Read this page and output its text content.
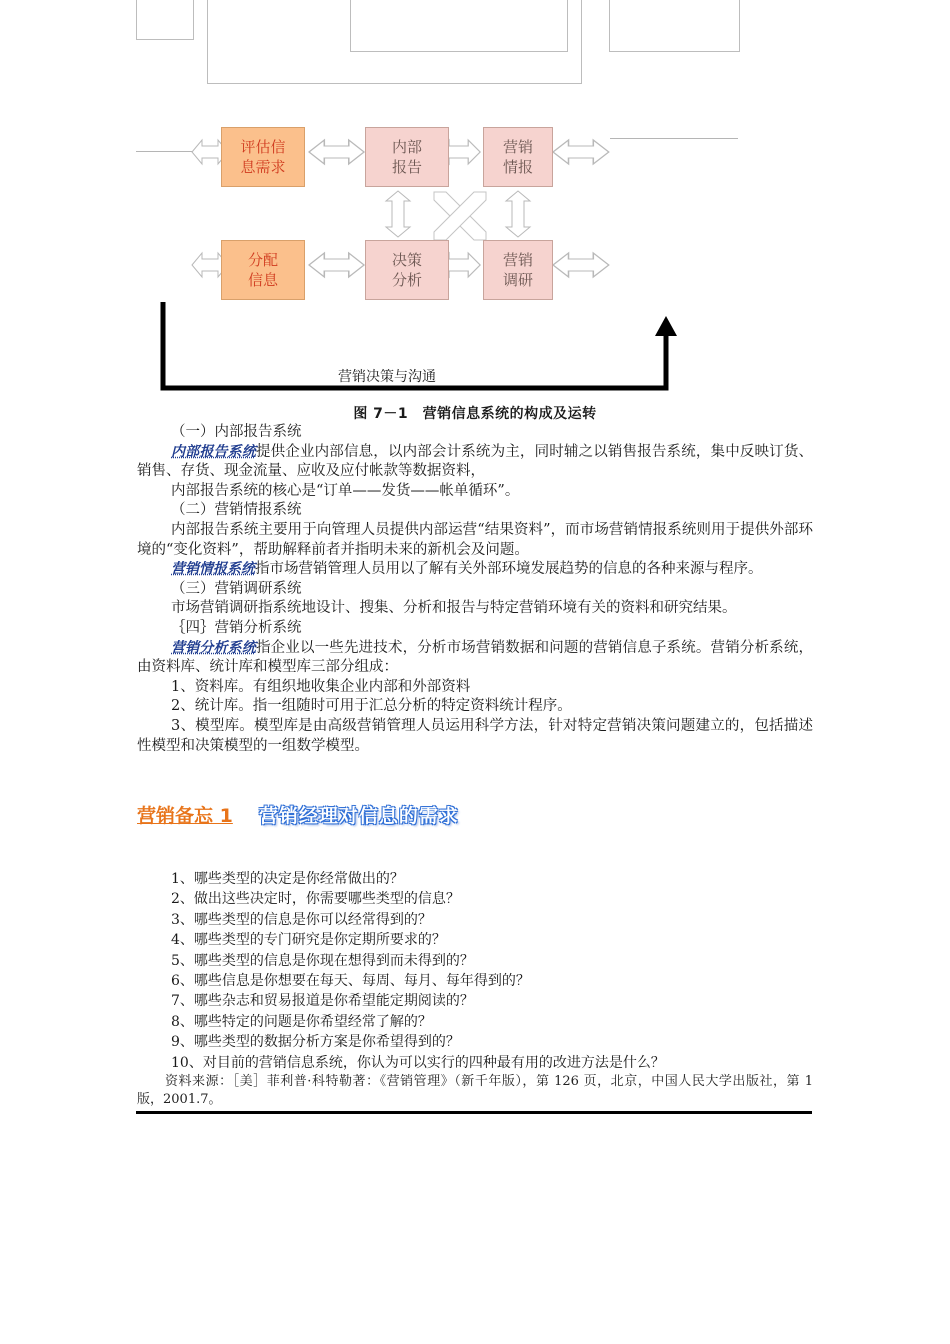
评估信
息需求
内部
报告
营销
情报
分配
信息
决策
分析
营销
调研
营销决策与沟通
图 7－1　营销信息系统的构成及运转

（一）内部报告系统

内部报告系统提供企业内部信息，以内部会计系统为主，同时辅之以销售报告系统，集中反映订货、销售、存货、现金流量、应收及应付帐款等数据资料，

内部报告系统的核心是“订单——发货——帐单循环”。

（二）营销情报系统

内部报告系统主要用于向管理人员提供内部运营“结果资料”，而市场营销情报系统则用于提供外部环境的“变化资料”，帮助解释前者并指明未来的新机会及问题。

营销情报系统指市场营销管理人员用以了解有关外部环境发展趋势的信息的各种来源与程序。

（三）营销调研系统

市场营销调研指系统地设计、搜集、分析和报告与特定营销环境有关的资料和研究结果。

｛四｝营销分析系统

营销分析系统指企业以一些先进技术，分析市场营销数据和问题的营销信息子系统。营销分析系统，由资料库、统计库和模型库三部分组成：

1、资料库。有组织地收集企业内部和外部资料

2、统计库。指一组随时可用于汇总分析的特定资料统计程序。

3、模型库。模型库是由高级营销管理人员运用科学方法，针对特定营销决策问题建立的，包括描述性模型和决策模型的一组数学模型。

营销备忘 1 营销经理对信息的需求
1、哪些类型的决定是你经常做出的？
2、做出这些决定时，你需要哪些类型的信息？
3、哪些类型的信息是你可以经常得到的？
4、哪些类型的专门研究是你定期所要求的？
5、哪些类型的信息是你现在想得到而未得到的？
6、哪些信息是你想要在每天、每周、每月、每年得到的？
7、哪些杂志和贸易报道是你希望能定期阅读的？
8、哪些特定的问题是你希望经常了解的？
9、哪些类型的数据分析方案是你希望得到的？
10、对目前的营销信息系统，你认为可以实行的四种最有用的改进方法是什么？

资料来源：［美］菲利普·科特勒著：《营销管理》（新千年版），第 126 页，北京，中国人民大学出版社，第 1 版，2001.7。
